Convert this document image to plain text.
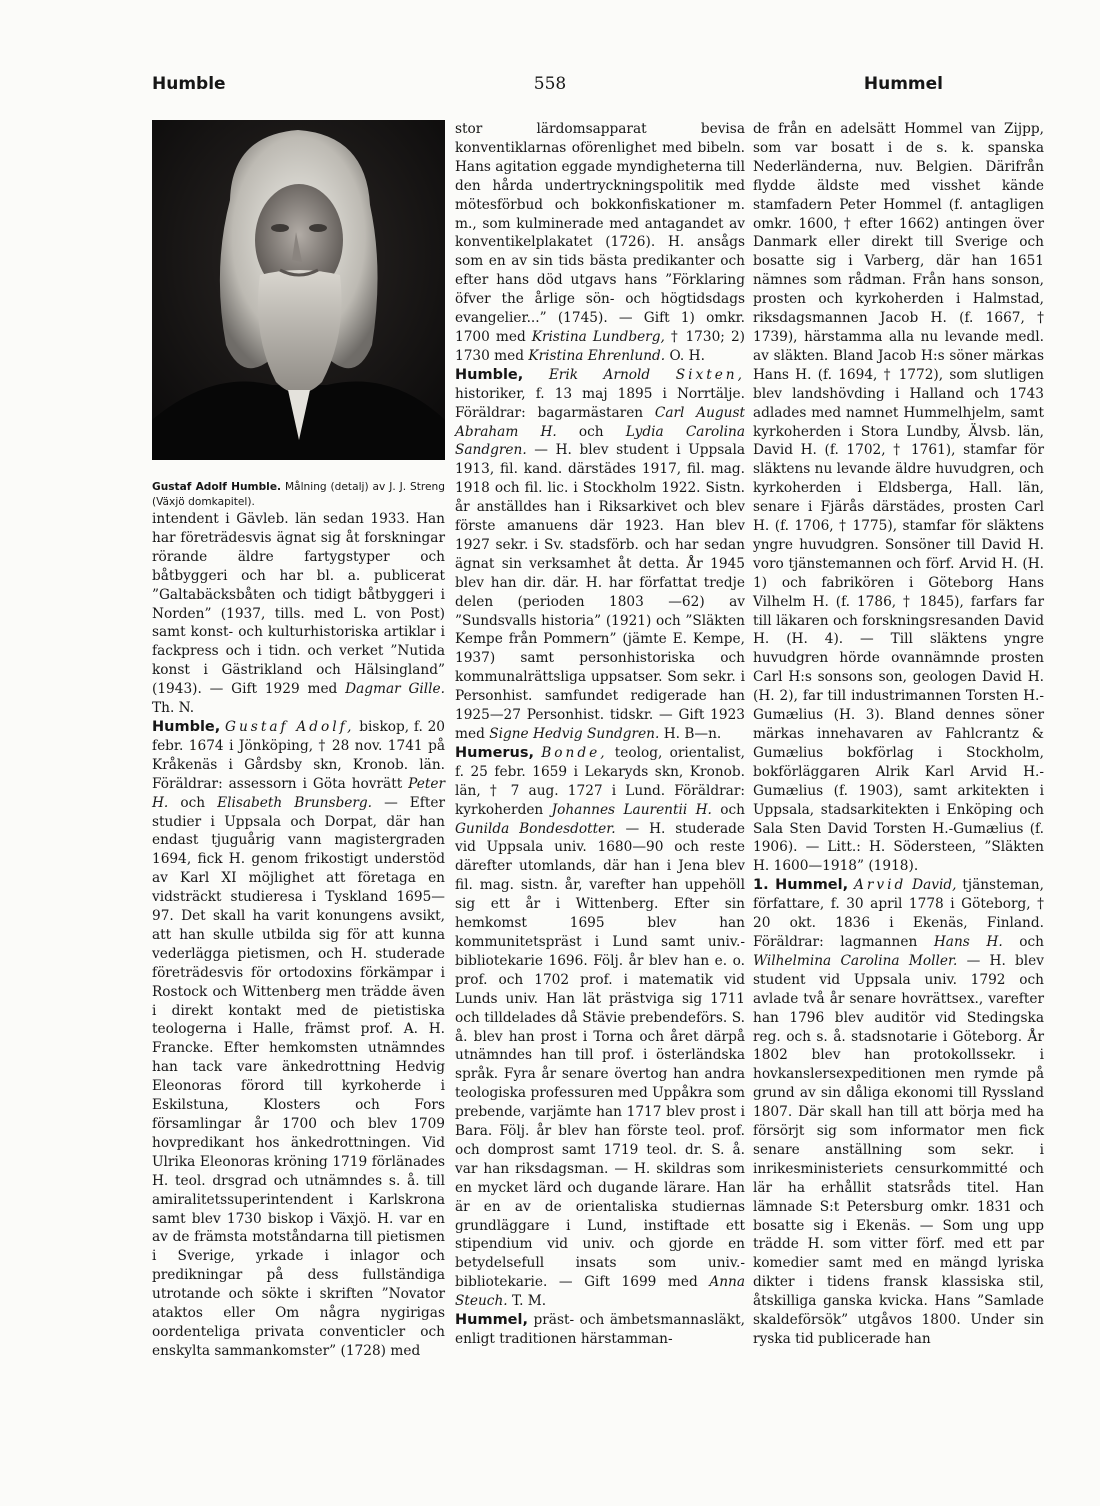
Humble	558	Hummel

Gustaf Adolf Humble. Målning (detalj) av J. J. Streng (Växjö domkapitel).

intendent i Gävleb. län sedan 1933. Han har företrädesvis ägnat sig åt forskningar rörande äldre fartygstyper och båtbyggeri och har bl. a. publicerat ”Galtabäcksbåten och tidigt båtbyggeri i Norden” (1937, tills. med L. von Post) samt konst- och kulturhistoriska artiklar i fackpress och i tidn. och verket ”Nutida konst i Gästrikland och Hälsingland” (1943). — Gift 1929 med Dagmar Gille. Th. N.

Humble, Gustaf Adolf, biskop, f. 20 febr. 1674 i Jönköping, † 28 nov. 1741 på Kråkenäs i Gårdsby skn, Kronob. län. Föräldrar: assessorn i Göta hovrätt Peter H. och Elisabeth Brunsberg. — Efter studier i Uppsala och Dorpat, där han endast tjuguårig vann magistergraden 1694, fick H. genom frikostigt understöd av Karl XI möjlighet att företaga en vidsträckt studieresa i Tyskland 1695—97. Det skall ha varit konungens avsikt, att han skulle utbilda sig för att kunna vederlägga pietismen, och H. studerade företrädesvis för ortodoxins förkämpar i Rostock och Wittenberg men trädde även i direkt kontakt med de pietistiska teologerna i Halle, främst prof. A. H. Francke. Efter hemkomsten utnämndes han tack vare änkedrottning Hedvig Eleonoras förord till kyrkoherde i Eskilstuna, Klosters och Fors församlingar år 1700 och blev 1709 hovpredikant hos änkedrottningen. Vid Ulrika Eleonoras kröning 1719 förlänades H. teol. drsgrad och utnämndes s. å. till amiralitetssuperintendent i Karlskrona samt blev 1730 biskop i Växjö. H. var en av de främsta motståndarna till pietismen i Sverige, yrkade i inlagor och predikningar på dess fullständiga utrotande och sökte i skriften ”Novator ataktos eller Om några nygirigas oordenteliga privata conventicler och enskylta sammankomster” (1728) med

stor lärdomsapparat bevisa konventiklarnas oförenlighet med bibeln. Hans agitation eggade myndigheterna till den hårda undertryckningspolitik med mötesförbud och bokkonfiskationer m. m., som kulminerade med antagandet av konventikelplakatet (1726). H. ansågs som en av sin tids bästa predikanter och efter hans död utgavs hans ”Förklaring öfver the årlige sön- och högtidsdags evangelier...” (1745). — Gift 1) omkr. 1700 med Kristina Lundberg, † 1730; 2) 1730 med Kristina Ehrenlund. O. H.

Humble, Erik Arnold Sixten, historiker, f. 13 maj 1895 i Norrtälje. Föräldrar: bagarmästaren Carl August Abraham H. och Lydia Carolina Sandgren. — H. blev student i Uppsala 1913, fil. kand. därstädes 1917, fil. mag. 1918 och fil. lic. i Stockholm 1922. Sistn. år anställdes han i Riksarkivet och blev förste amanuens där 1923. Han blev 1927 sekr. i Sv. stadsförb. och har sedan ägnat sin verksamhet åt detta. År 1945 blev han dir. där. H. har författat tredje delen (perioden 1803 —62) av ”Sundsvalls historia” (1921) och ”Släkten Kempe från Pommern” (jämte E. Kempe, 1937) samt personhistoriska och kommunalrättsliga uppsatser. Som sekr. i Personhist. samfundet redigerade han 1925—27 Personhist. tidskr. — Gift 1923 med Signe Hedvig Sundgren. H. B—n.

Humerus, Bonde, teolog, orientalist, f. 25 febr. 1659 i Lekaryds skn, Kronob. län, † 7 aug. 1727 i Lund. Föräldrar: kyrkoherden Johannes Laurentii H. och Gunilda Bondesdotter. — H. studerade vid Uppsala univ. 1680—90 och reste därefter utomlands, där han i Jena blev fil. mag. sistn. år, varefter han uppehöll sig ett år i Wittenberg. Efter sin hemkomst 1695 blev han kommunitetspräst i Lund samt univ.-bibliotekarie 1696. Följ. år blev han e. o. prof. och 1702 prof. i matematik vid Lunds univ. Han lät prästviga sig 1711 och tilldelades då Stävie prebendeförs. S. å. blev han prost i Torna och året därpå utnämndes han till prof. i österländska språk. Fyra år senare övertog han andra teologiska professuren med Uppåkra som prebende, varjämte han 1717 blev prost i Bara. Följ. år blev han förste teol. prof. och domprost samt 1719 teol. dr. S. å. var han riksdagsman. — H. skildras som en mycket lärd och dugande lärare. Han är en av de orientaliska studiernas grundläggare i Lund, instiftade ett stipendium vid univ. och gjorde en betydelsefull insats som univ.-bibliotekarie. — Gift 1699 med Anna Steuch. T. M.

Hummel, präst- och ämbetsmannasläkt, enligt traditionen härstamman-

de från en adelsätt Hommel van Zijpp, som var bosatt i de s. k. spanska Nederländerna, nuv. Belgien. Därifrån flydde äldste med visshet kände stamfadern Peter Hommel (f. antagligen omkr. 1600, † efter 1662) antingen över Danmark eller direkt till Sverige och bosatte sig i Varberg, där han 1651 nämnes som rådman. Från hans sonson, prosten och kyrkoherden i Halmstad, riksdagsmannen Jacob H. (f. 1667, † 1739), härstamma alla nu levande medl. av släkten. Bland Jacob H:s söner märkas Hans H. (f. 1694, † 1772), som slutligen blev landshövding i Halland och 1743 adlades med namnet Hummelhjelm, samt kyrkoherden i Stora Lundby, Älvsb. län, David H. (f. 1702, † 1761), stamfar för släktens nu levande äldre huvudgren, och kyrkoherden i Eldsberga, Hall. län, senare i Fjärås därstädes, prosten Carl H. (f. 1706, † 1775), stamfar för släktens yngre huvudgren. Sonsöner till David H. voro tjänstemannen och förf. Arvid H. (H. 1) och fabrikören i Göteborg Hans Vilhelm H. (f. 1786, † 1845), farfars far till läkaren och forskningsresanden David H. (H. 4). — Till släktens yngre huvudgren hörde ovannämnde prosten Carl H:s sonsons son, geologen David H. (H. 2), far till industrimannen Torsten H.-Gumælius (H. 3). Bland dennes söner märkas innehavaren av Fahlcrantz & Gumælius bokförlag i Stockholm, bokförläggaren Alrik Karl Arvid H.-Gumælius (f. 1903), samt arkitekten i Uppsala, stadsarkitekten i Enköping och Sala Sten David Torsten H.-Gumælius (f. 1906). — Litt.: H. Södersteen, ”Släkten H. 1600—1918” (1918).

1. Hummel, Arvid David, tjänsteman, författare, f. 30 april 1778 i Göteborg, † 20 okt. 1836 i Ekenäs, Finland. Föräldrar: lagmannen Hans H. och Wilhelmina Carolina Moller. — H. blev student vid Uppsala univ. 1792 och avlade två år senare hovrättsex., varefter han 1796 blev auditör vid Stedingska reg. och s. å. stadsnotarie i Göteborg. År 1802 blev han protokollssekr. i hovkanslersexpeditionen men rymde på grund av sin dåliga ekonomi till Ryssland 1807. Där skall han till att börja med ha försörjt sig som informator men fick senare anställning som sekr. i inrikesministeriets censurkommitté och lär ha erhållit statsråds titel. Han lämnade S:t Petersburg omkr. 1831 och bosatte sig i Ekenäs. — Som ung upp trädde H. som vitter förf. med ett par komedier samt med en mängd lyriska dikter i tidens fransk klassiska stil, åtskilliga ganska kvicka. Hans ”Samlade skaldeförsök” utgåvos 1800. Under sin ryska tid publicerade han
